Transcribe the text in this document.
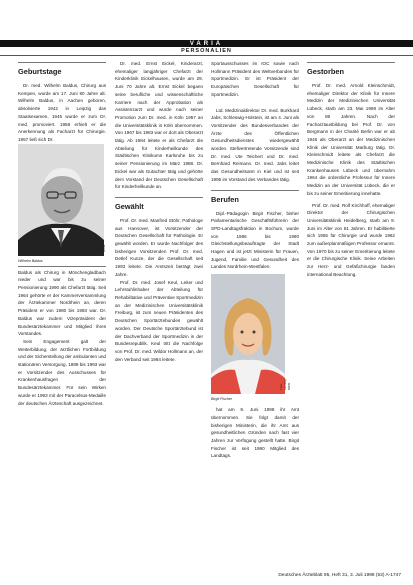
VARIA
PERSONALIEN
Geburtstage

Dr. med. Wilhelm Baldus, Chirurg aus Kempen, wurde am 17. Juni 80 Jahre alt. Wilhelm Baldus, in Aachen geboren, absolvierte 1942 in Leipzig das Staatsexamen, 1945 wurde er zum Dr. med. promoviert. 1958 erhielt er die Anerkennung als Facharzt für Chirurgie. 1957 ließ sich Dr.

Foto: privat
Wilhelm Baldus

Baldus als Chirurg in Mönchengladbach nieder und war bis zu seiner Pensionierung 1990 als Chefarzt tätig. Seit 1964 gehörte er der Kammerversammlung der Ärztekammer Nordrhein an, deren Präsident er von 1980 bis 1993 war. Dr. Baldus war zudem Vizepräsident der Bundesärztekammer und Mitglied ihres Vorstandes.

Sein Engagement galt der Weiterbildung, der ärztlichen Fortbildung und der Sicherstellung der ambulanten und stationären Versorgung. 1989 bis 1993 war er Vorsitzender des Ausschusses für Krankenhausfragen der Bundesärztekammer. Für sein Wirken wurde er 1993 mit der Paracelsus-Medaille der deutschen Ärzteschaft ausgezeichnet.

Dr. med. Ernst Eickel, Kinderarzt, ehemaliger langjähriger Chefarzt der Kinderklinik Eickelhausen, wurde am 29. Juni 70 Jahre alt. Ernst Eickel begann seine berufliche und wissenschaftliche Karriere nach der Approbation als Assistenzarzt und wurde nach seiner Promotion zum Dr. med. in Köln 1957 an die Universitätsklinik in Köln übernommen. Von 1967 bis 1983 war er dort als Oberarzt tätig. Ab 1984 leitete er als Chefarzt die Abteilung für Kinderheilkunde des Städtischen Klinikums Karlsruhe bis zu seiner Pensionierung im März 1988. Dr. Eickel war als Gutachter tätig und gehörte dem Vorstand der Deutschen Gesellschaft für Kinderheilkunde an.

Gewählt

Prof. Dr. med. Manfred Stöhr, Pathologe aus Hannover, ist Vorsitzender der Deutschen Gesellschaft für Pathologie. Er gewählt worden. Er wurde Nachfolger des bisherigen Vorsitzenden Prof. Dr. med. Detlef Kunze, der die Gesellschaft seit 1993 leitete. Die Amtszeit beträgt zwei Jahre.

Prof. Dr. med. Josef Keul, Leiter und Lehrstuhlinhaber der Abteilung für Rehabilitative und Präventive Sportmedizin an der Medizinischen Universitätsklinik Freiburg, ist zum neuen Präsidenten des Deutschen Sportärztebundes gewählt worden. Der Deutsche Sportärztebund ist der Dachverband der Sportmedizin in der Bundesrepublik. Keul tritt die Nachfolge von Prof. Dr. med. Wildor Hollmann an, der den Verband seit 1984 leitete.

Sportausschusses im IOC sowie nach Hollmann Präsident des Weltverbandes für Sportmedizin. Er ist Präsident der Europäischen Gesellschaft für Sportmedizin.

Ltd. Medizinaldirektor Dr. med. Burkhard Jabs, Schleswig-Holstein, ist am 4. Juni als Vorsitzender des Bundesverbandes der Ärzte des Öffentlichen Gesundheitsdienstes wiedergewählt worden. Stellvertretende Vorsitzende sind Dr. med. Ute Teichert und Dr. med. Bernhard Reimann. Dr. med. Jabs leitet das Gesundheitsamt in Kiel und ist seit 1995 im Vorstand des Verbandes tätig.

Berufen

Dipl.-Pädagogin Birgit Fischer, bisher Parlamentarische Geschäftsführerin der SPD-Landtagsfraktion in Bochum, wurde von 1986 bis 1990 Gleichstellungsbeauftragte der Stadt Hagen und ist jetzt Ministerin für Frauen, Jugend, Familie und Gesundheit des Landes Nordrhein-Westfalen.

Foto: Landtag NRW
Birgit Fischer

hat am 9. Juni 1998 ihr Amt übernommen. Sie folgt damit der bisherigen Ministerin, die ihr Amt aus gesundheitlichen Gründen nach fast vier Jahren zur Verfügung gestellt hatte. Birgit Fischer ist seit 1990 Mitglied des Landtags.

Gestorben

Prof. Dr. med. Arnold Kleinschmidt, ehemaliger Direktor der Klinik für Innere Medizin der Medizinischen Universität Lübeck, starb am 23. Mai 1998 im Alter von 86 Jahren. Nach der Facharztausbildung bei Prof. Dr. von Bergmann in der Charité Berlin war er ab 1946 als Oberarzt an der Medizinischen Klinik der Universität Marburg tätig. Dr. Kleinschmidt leitete als Chefarzt die Medizinische Klinik des Städtischen Krankenhauses Lübeck und übernahm 1964 die ordentliche Professur für Innere Medizin an der Universität Lübeck, die er bis zu seiner Emeritierung innehatte.

Prof. Dr. med. Rolf Kirchhoff, ehemaliger Direktor der Chirurgischen Universitätsklinik Heidelberg, starb am 9. Juni im Alter von 81 Jahren. Er habilitierte sich 1955 für Chirurgie und wurde 1962 zum außerplanmäßigen Professor ernannt. Von 1970 bis zu seiner Emeritierung leitete er die Chirurgische Klinik. Seine Arbeiten zur Herz- und Gefäßchirurgie fanden international Beachtung.

Deutsches Ärzteblatt 95, Heft 31, 3. Juli 1998 (53) A-1747
